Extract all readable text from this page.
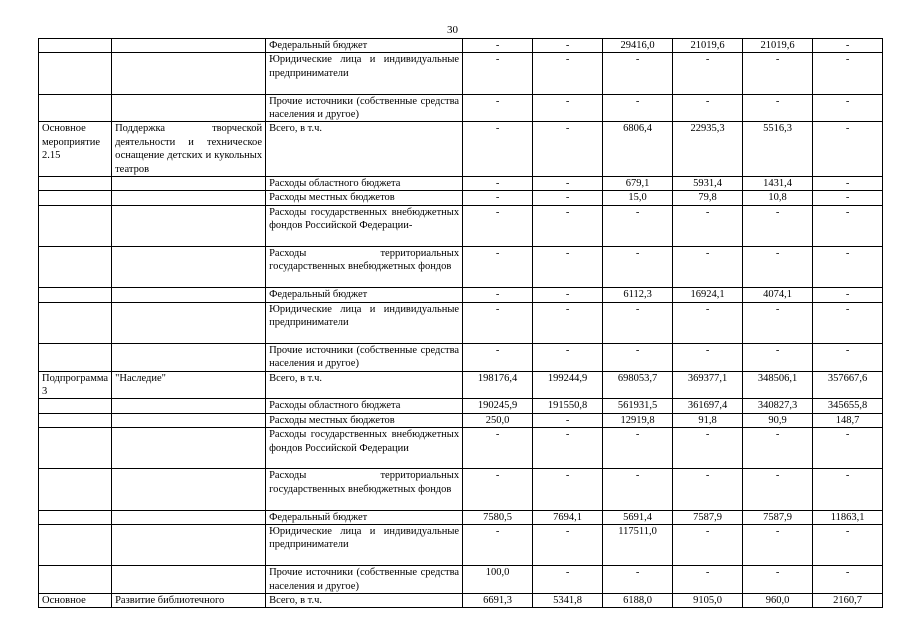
30
		Федеральный бюджет	-	-	29416,0	21019,6	21019,6	-
		Юридические лица и индивидуальные предприниматели	-	-	-	-	-	-
		Прочие источники (собственные средства населения и другое)	-	-	-	-	-	-
Основное мероприятие 2.15	Поддержка творческой деятельности и техническое оснащение детских и кукольных театров	Всего, в т.ч.	-	-	6806,4	22935,3	5516,3	-
		Расходы областного бюджета	-	-	679,1	5931,4	1431,4	-
		Расходы местных бюджетов	-	-	15,0	79,8	10,8	-
		Расходы государственных внебюджетных фондов Российской Федерации-	-	-	-	-	-	-
		Расходы территориальных государственных внебюджетных фондов	-	-	-	-	-	-
		Федеральный бюджет	-	-	6112,3	16924,1	4074,1	-
		Юридические лица и индивидуальные предприниматели	-	-	-	-	-	-
		Прочие источники (собственные средства населения и другое)	-	-	-	-	-	-
Подпрограмма 3	"Наследие"	Всего, в т.ч.	198176,4	199244,9	698053,7	369377,1	348506,1	357667,6
		Расходы областного бюджета	190245,9	191550,8	561931,5	361697,4	340827,3	345655,8
		Расходы местных бюджетов	250,0	-	12919,8	91,8	90,9	148,7
		Расходы государственных внебюджетных фондов Российской Федерации	-	-	-	-	-	-
		Расходы территориальных государственных внебюджетных фондов	-	-	-	-	-	-
		Федеральный бюджет	7580,5	7694,1	5691,4	7587,9	7587,9	11863,1
		Юридические лица и индивидуальные предприниматели	-	-	117511,0	-	-	-
		Прочие источники (собственные средства населения и другое)	100,0	-	-	-	-	-
Основное	Развитие библиотечного	Всего, в т.ч.	6691,3	5341,8	6188,0	9105,0	960,0	2160,7
